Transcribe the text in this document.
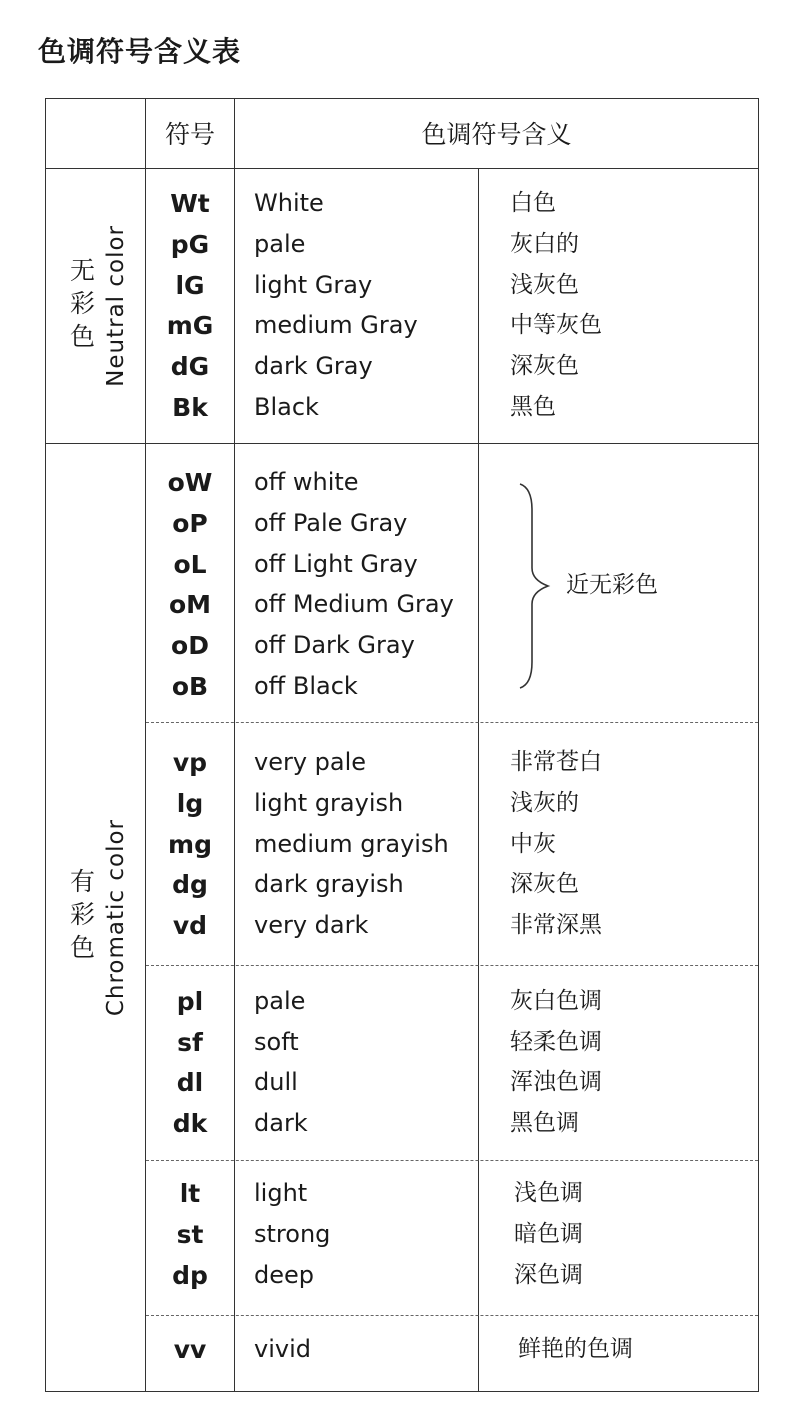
色调符号含义表
符号	色调符号含义
无彩色 Neutral color
有彩色 Chromatic color
Wt	White	白色
pG	pale	灰白的
lG	light Gray	浅灰色
mG	medium Gray	中等灰色
dG	dark Gray	深灰色
Bk	Black	黑色
oW	off white
oP	off Pale Gray
oL	off Light Gray
oM	off Medium Gray
oD	off Dark Gray
oB	off Black
近无彩色
vp	very pale	非常苍白
lg	light grayish	浅灰的
mg	medium grayish	中灰
dg	dark grayish	深灰色
vd	very dark	非常深黑
pl	pale	灰白色调
sf	soft	轻柔色调
dl	dull	浑浊色调
dk	dark	黑色调
lt	light	浅色调
st	strong	暗色调
dp	deep	深色调
vv	vivid	鲜艳的色调
